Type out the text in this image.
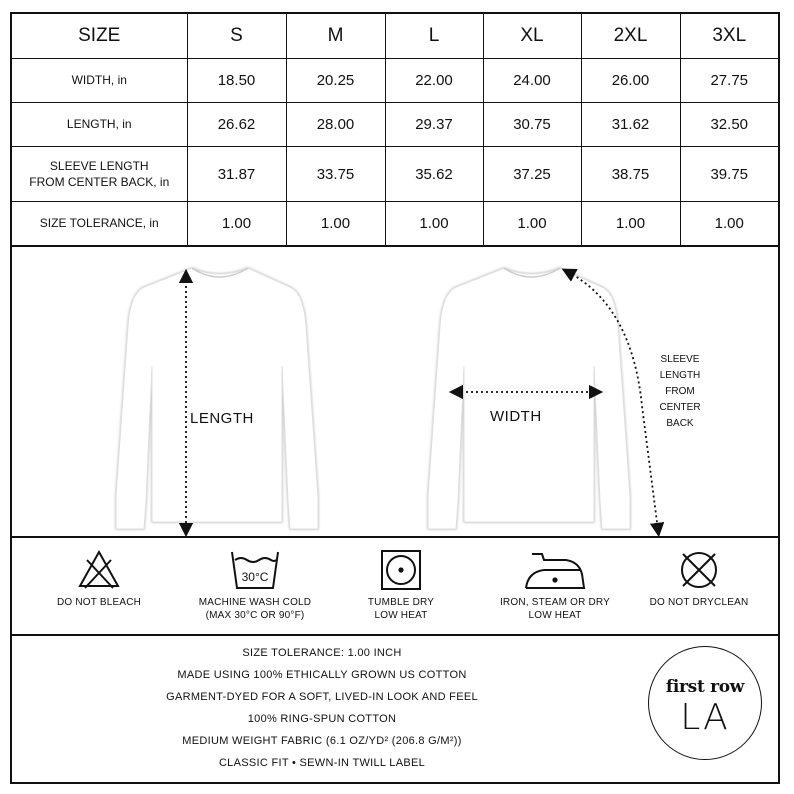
SIZE	S	M	L	XL	2XL	3XL
WIDTH, in	18.50	20.25	22.00	24.00	26.00	27.75
LENGTH, in	26.62	28.00	29.37	30.75	31.62	32.50

SLEEVE LENGTH
FROM CENTER BACK, in	31.87	33.75	35.62	37.25	38.75	39.75
SIZE TOLERANCE, in	1.00	1.00	1.00	1.00	1.00	1.00
LENGTH	WIDTH
SLEEVE
LENGTH
FROM
CENTER
BACK
DO NOT BLEACH
30°C
MACHINE WASH COLD
(MAX 30°C OR 90°F)
TUMBLE DRY
LOW HEAT
IRON, STEAM OR DRY
LOW HEAT
DO NOT DRYCLEAN
SIZE TOLERANCE: 1.00 INCH
MADE USING 100% ETHICALLY GROWN US COTTON
GARMENT-DYED FOR A SOFT, LIVED-IN LOOK AND FEEL
100% RING-SPUN COTTON
MEDIUM WEIGHT FABRIC (6.1 OZ/YD² (206.8 G/M²))
CLASSIC FIT • SEWN-IN TWILL LABEL
first row
LA
